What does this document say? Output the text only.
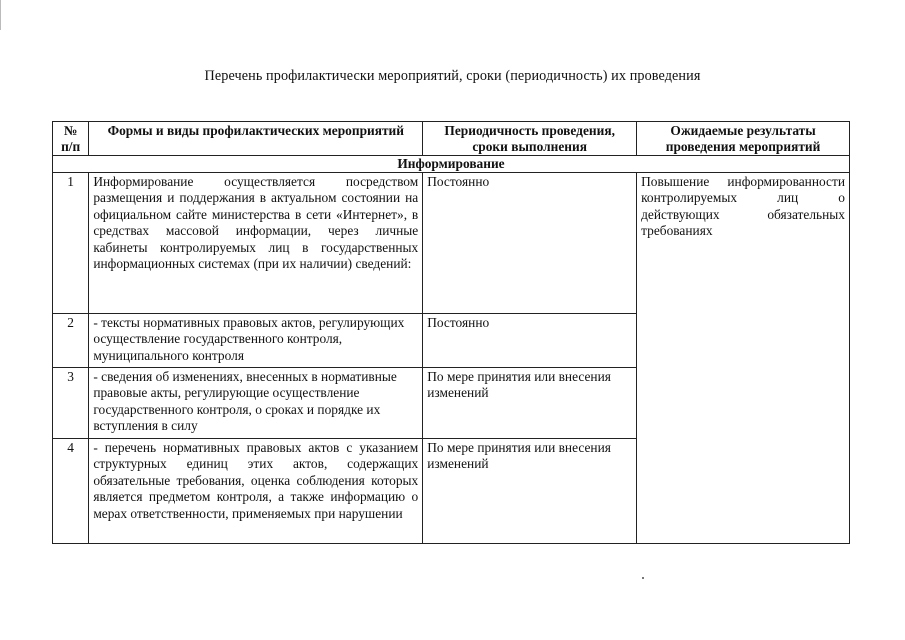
Перечень профилактически мероприятий, сроки (периодичность) их проведения
№ п/п	Формы и виды профилактических мероприятий	Периодичность проведения, сроки выполнения	Ожидаемые результаты проведения мероприятий
Информирование			
1	Информирование осуществляется посредством размещения и поддержания в актуальном состоянии на официальном сайте министерства в сети «Интернет», в средствах массовой информации, через личные кабинеты контролируемых лиц в государственных информационных системах (при их наличии) сведений:	Постоянно	Повышение информированности контролируемых лиц о действующих обязательных требованиях
2	- тексты нормативных правовых актов, регулирующих осуществление государственного контроля, муниципального контроля	Постоянно	
3	- сведения об изменениях, внесенных в нормативные правовые акты, регулирующие осуществление государственного контроля, о сроках и порядке их вступления в силу	По мере принятия или внесения изменений	
4	- перечень нормативных правовых актов с указанием структурных единиц этих актов, содержащих обязательные требования, оценка соблюдения которых является предметом контроля, а также информацию о мерах ответственности, применяемых при нарушении	По мере принятия или внесения изменений	
